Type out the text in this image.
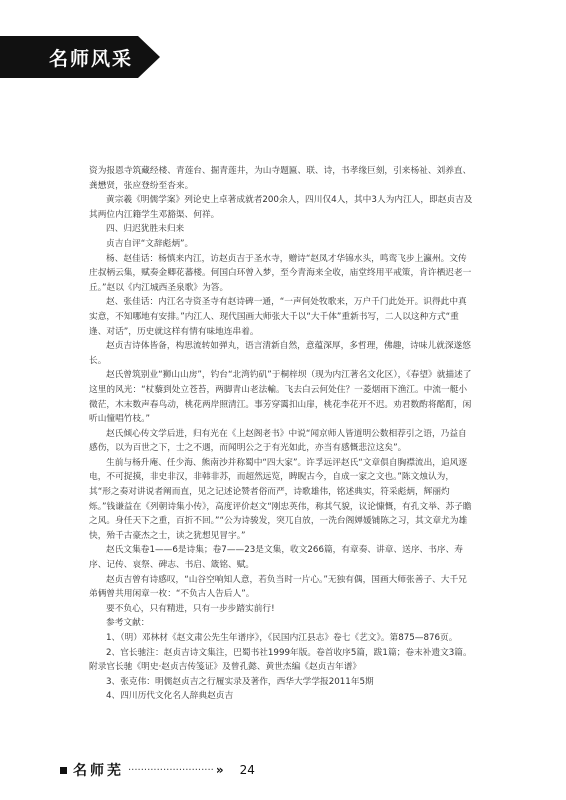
名师风采

资为报恩寺筑藏经楼、青莲台、掘青莲井，为山寺题匾、联、诗，书孝缘巨刻，引来杨祉、刘养直、龚懋贤，张应登纷至沓来。

黄宗羲《明儒学案》列论史上卓著成就者200余人，四川仅4人，其中3人为内江人，即赵贞吉及其两位内江籍学生邓豁渠、何祥。

四、归迟犹胜未归来

贞吉自评“文辞彪炳”。

杨、赵佳话：杨慎来内江，访赵贞吉于圣水寺，赠诗“赵凤才华锦水头，鸣鸾飞步上瀛州。文传庄叔柄云集，赋奏金卿花蕃楼。何国白环曾入梦，至今青海来全收，庙堂终用平戒策，肯许栖迟老一丘。”赵以《内江城西圣泉歌》为答。

赵、张佳话：内江名寺资圣寺有赵诗碑一通，“一声何处牧歌来，万户千门此处开。识得此中真实意，不知哪地有安排。”内江人、现代国画大师张大千以“大千体”重新书写，二人以这种方式“重逢、对话”，历史就这样有情有味地连串着。

赵贞吉诗体皆备，构思流转如弹丸，语言清新自然，意蕴深厚，多哲理，佛趣，诗味儿就深遂悠长。

赵氏曾筑别业“狮山山房”，钓台“北湾钓矶”于桐梓坝（现为内江著名文化区），《春望》就描述了这里的风光：“杖藜到处立苍苔，两脚青山老法輸。飞去白云何处住？一菱烟雨下渔江。中流一艇小微茫，木末数声春鸟动，桃花两岸照清江。事芳穿霭扣山扉，桃花李花开不迟。劝君数酌将酩酊，闲听山憧唱竹枝。”

赵氏倾心传文学后进，归有光在《上赵阁老书》中说“闻京师人皆道明公数相荐引之语，乃益自感伤，以为百世之下，士之不遇，而闻明公之于有光如此，亦当有感慨悲泣这矣”。

生前与杨升庵、任少海、熊南沙并称蜀中“四大家”。许孚远评赵氏“文章俱自胸襟流出，追风逐电，不可捉摸，非史非汉，非韩非苏，而超然远览，睥睨古今，自成一家之文也。”陈文烛认为，其“形之奏对讲说者阐而直，见之记述论赞者俗而严，诗歌雄伟，铭述典实，符采彪炳，辉丽灼烁。”钱谦益在《列朝诗集小传》，高度评价赵文“刚忠英伟，称其气貌，议论慷慨，有孔文举、苏子瞻之风。身任天下之重，百折不回。”“公为诗骏发，突兀自放，一洗台阁婵媛铺陈之习，其文章尤为雄快，殆千古豪杰之士，读之犹想见冒宇。”

赵氏文集卷1——6是诗集；卷7——23是文集，收文266篇，有章奏、讲章、送序、书序、寿序、记传、哀祭、碑志、书启、箴铭、赋。

赵贞吉曾有诗感叹，“山谷空响知人意，若负当时一片心。”无独有偶，国画大师张善子、大千兄弟俩曾共用闲章一枚：“不负古人告后人”。

要不负心，只有精进，只有一步步踏实前行!

参考文献：

1、（明）邓林材《赵文肃公先生年谱序》，《民国内江县志》卷七《艺文》。第875—876页。

2、官长驰注：赵贞吉诗文集注，巴蜀书社1999年版。卷首收序5篇，跋1篇；卷末补遗文3篇。附录官长驰《明史·赵贞吉传笺证》及曾孔懿、黄世杰编《赵贞吉年谱》

3、张克伟：明儒赵贞吉之行履实录及著作，西华大学学报2011年5期

4、四川历代文化名人辞典赵贞吉

名师芜 ··························· » 24
